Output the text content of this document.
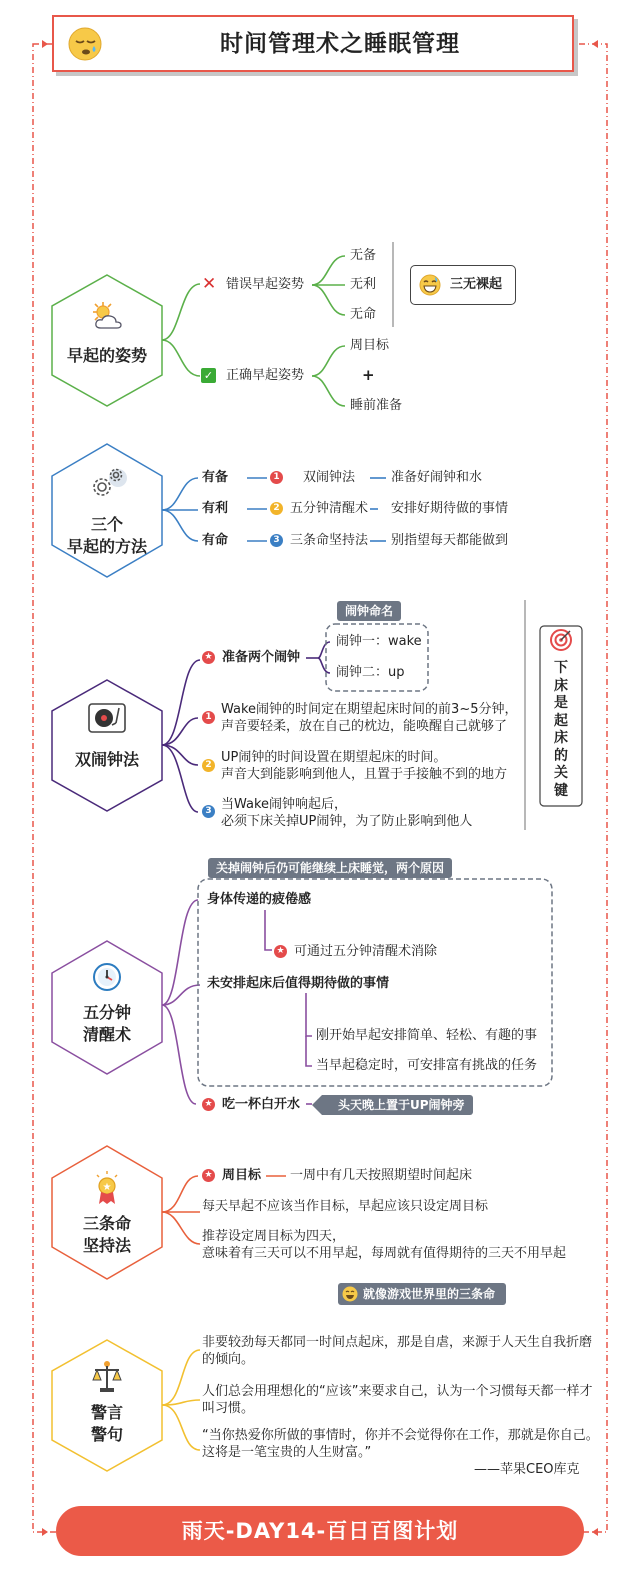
时间管理术之睡眠管理
早起的姿势
✕ 错误早起姿势
无备
无利
无命
三无裸起
✓ 正确早起姿势
周目标
+
睡前准备
三个
早起的方法
有备
有利
有命
1
2
3
双闹钟法
五分钟清醒术
三条命坚持法
准备好闹钟和水
安排好期待做的事情
别指望每天都能做到
双闹钟法
★ 准备两个闹钟
闹钟命名
闹钟一：wake
闹钟二：up	下
床
是
起
床
的
关
键
1 Wake闹钟的时间定在期望起床时间的前3~5分钟，
声音要轻柔，放在自己的枕边，能唤醒自己就够了
2 UP闹钟的时间设置在期望起床的时间。
声音大到能影响到他人，且置于手接触不到的地方
3 当Wake闹钟响起后，
必须下床关掉UP闹钟，为了防止影响到他人
五分钟
清醒术
关掉闹钟后仍可能继续上床睡觉，两个原因
身体传递的疲倦感
★ 可通过五分钟清醒术消除
未安排起床后值得期待做的事情
刚开始早起安排简单、轻松、有趣的事
当早起稳定时，可安排富有挑战的任务
★ 吃一杯白开水	头天晚上置于UP闹钟旁
★
三条命
坚持法
★ 周目标 一周中有几天按照期望时间起床
每天早起不应该当作目标，早起应该只设定周目标
推荐设定周目标为四天，
意味着有三天可以不用早起，每周就有值得期待的三天不用早起
就像游戏世界里的三条命
警言
警句
非要较劲每天都同一时间点起床，那是自虐，来源于人天生自我折磨
的倾向。
人们总会用理想化的“应该”来要求自己，认为一个习惯每天都一样才
叫习惯。
“当你热爱你所做的事情时，你并不会觉得你在工作，那就是你自己。
这将是一笔宝贵的人生财富。”
——苹果CEO库克
雨天-DAY14-百日百图计划
